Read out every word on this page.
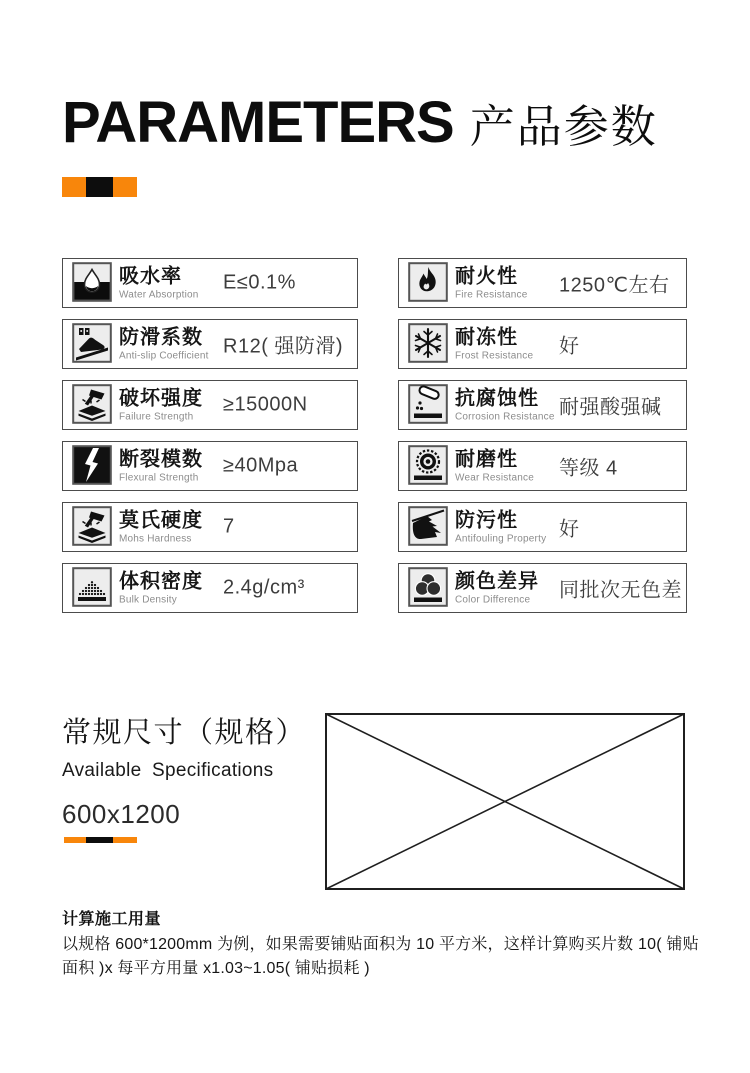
PARAMETERS 产品参数
吸水率
Water Absorption
E≤0.1%
防滑系数
Anti-slip Coefficient R12( 强防滑)
破坏强度
Failure Strength
≥15000N
断裂模数
Flexural Strength
≥40Mpa
莫氏硬度
Mohs Hardness
7
体积密度
Bulk Density
2.4g/cm³
耐火性
Fire Resistance 1250℃左右
耐冻性
Frost Resistance 好
抗腐蚀性
Corrosion Resistance 耐强酸强碱
耐磨性
Wear Resistance 等级 4
防污性
Antifouling Property 好
颜色差异
Color Difference	同批次无色差
常规尺寸（规格）
Available Specifications
600x1200
计算施工用量
以规格 600*1200mm 为例，如果需要铺贴面积为 10 平方米，这样计算购买片数 10( 铺贴面积 )x 每平方用量 x1.03~1.05( 铺贴损耗 )
